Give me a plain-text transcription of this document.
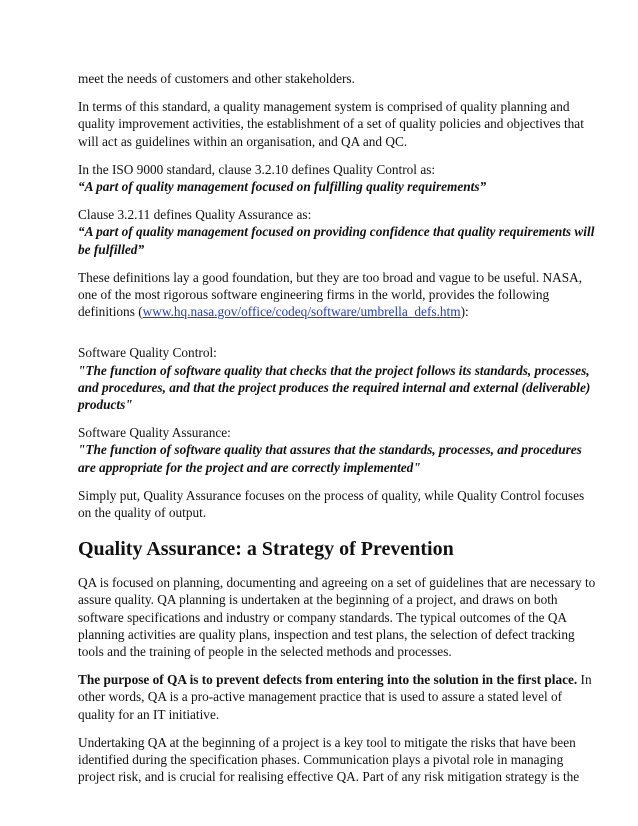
meet the needs of customers and other stakeholders.

In terms of this standard, a quality management system is comprised of quality planning and
quality improvement activities, the establishment of a set of quality policies and objectives that
will act as guidelines within an organisation, and QA and QC.

In the ISO 9000 standard, clause 3.2.10 defines Quality Control as:
“A part of quality management focused on fulfilling quality requirements”

Clause 3.2.11 defines Quality Assurance as:
“A part of quality management focused on providing confidence that quality requirements will
be fulfilled”

These definitions lay a good foundation, but they are too broad and vague to be useful. NASA,
one of the most rigorous software engineering firms in the world, provides the following
definitions (www.hq.nasa.gov/office/codeq/software/umbrella_defs.htm):

Software Quality Control:
"The function of software quality that checks that the project follows its standards, processes,
and procedures, and that the project produces the required internal and external (deliverable)
products"

Software Quality Assurance:
"The function of software quality that assures that the standards, processes, and procedures
are appropriate for the project and are correctly implemented"

Simply put, Quality Assurance focuses on the process of quality, while Quality Control focuses
on the quality of output.

Quality Assurance: a Strategy of Prevention

QA is focused on planning, documenting and agreeing on a set of guidelines that are necessary to
assure quality. QA planning is undertaken at the beginning of a project, and draws on both
software specifications and industry or company standards. The typical outcomes of the QA
planning activities are quality plans, inspection and test plans, the selection of defect tracking
tools and the training of people in the selected methods and processes.

The purpose of QA is to prevent defects from entering into the solution in the first place. In
other words, QA is a pro-active management practice that is used to assure a stated level of
quality for an IT initiative.

Undertaking QA at the beginning of a project is a key tool to mitigate the risks that have been
identified during the specification phases. Communication plays a pivotal role in managing
project risk, and is crucial for realising effective QA. Part of any risk mitigation strategy is the
